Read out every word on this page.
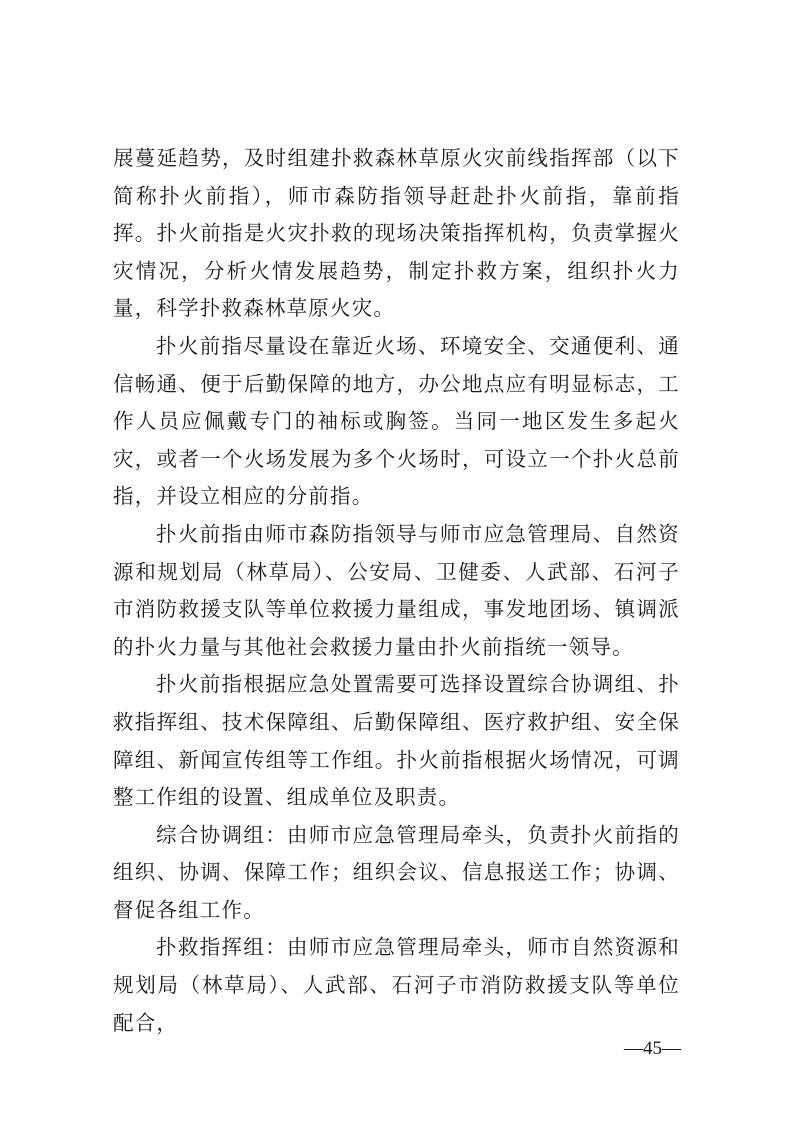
展蔓延趋势，及时组建扑救森林草原火灾前线指挥部（以下简称扑火前指），师市森防指领导赶赴扑火前指，靠前指挥。扑火前指是火灾扑救的现场决策指挥机构，负责掌握火灾情况，分析火情发展趋势，制定扑救方案，组织扑火力量，科学扑救森林草原火灾。

扑火前指尽量设在靠近火场、环境安全、交通便利、通信畅通、便于后勤保障的地方，办公地点应有明显标志，工作人员应佩戴专门的袖标或胸签。当同一地区发生多起火灾，或者一个火场发展为多个火场时，可设立一个扑火总前指，并设立相应的分前指。

扑火前指由师市森防指领导与师市应急管理局、自然资源和规划局（林草局）、公安局、卫健委、人武部、石河子市消防救援支队等单位救援力量组成，事发地团场、镇调派的扑火力量与其他社会救援力量由扑火前指统一领导。

扑火前指根据应急处置需要可选择设置综合协调组、扑救指挥组、技术保障组、后勤保障组、医疗救护组、安全保障组、新闻宣传组等工作组。扑火前指根据火场情况，可调整工作组的设置、组成单位及职责。

综合协调组：由师市应急管理局牵头，负责扑火前指的组织、协调、保障工作；组织会议、信息报送工作；协调、督促各组工作。

扑救指挥组：由师市应急管理局牵头，师市自然资源和规划局（林草局）、人武部、石河子市消防救援支队等单位配合，

—45—
